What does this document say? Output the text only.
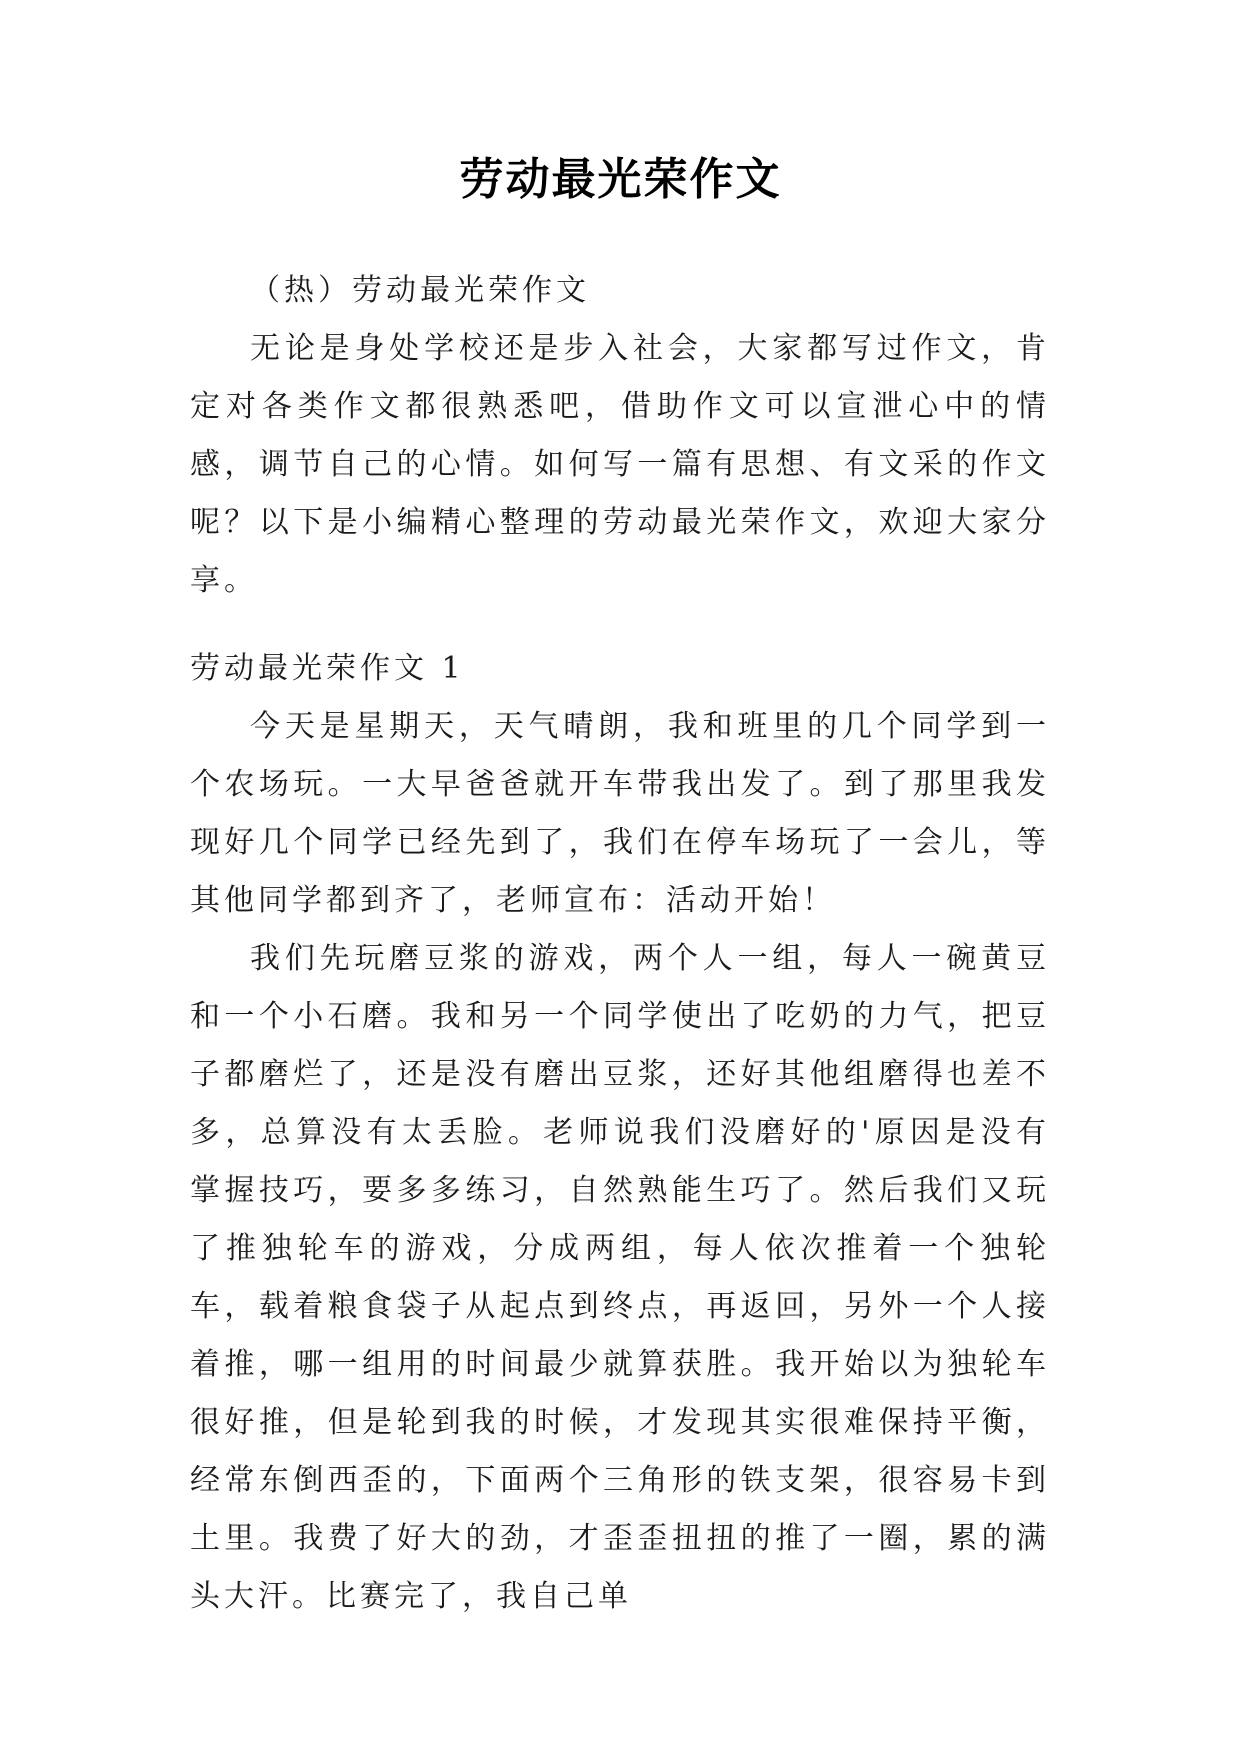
劳动最光荣作文

（热）劳动最光荣作文

无论是身处学校还是步入社会，大家都写过作文，肯定对各类作文都很熟悉吧，借助作文可以宣泄心中的情感，调节自己的心情。如何写一篇有思想、有文采的作文呢？以下是小编精心整理的劳动最光荣作文，欢迎大家分享。

劳动最光荣作文 1

今天是星期天，天气晴朗，我和班里的几个同学到一个农场玩。一大早爸爸就开车带我出发了。到了那里我发现好几个同学已经先到了，我们在停车场玩了一会儿，等其他同学都到齐了，老师宣布：活动开始！

我们先玩磨豆浆的游戏，两个人一组，每人一碗黄豆和一个小石磨。我和另一个同学使出了吃奶的力气，把豆子都磨烂了，还是没有磨出豆浆，还好其他组磨得也差不多，总算没有太丢脸。老师说我们没磨好的'原因是没有掌握技巧，要多多练习，自然熟能生巧了。然后我们又玩了推独轮车的游戏，分成两组，每人依次推着一个独轮车，载着粮食袋子从起点到终点，再返回，另外一个人接着推，哪一组用的时间最少就算获胜。我开始以为独轮车很好推，但是轮到我的时候，才发现其实很难保持平衡，经常东倒西歪的，下面两个三角形的铁支架，很容易卡到土里。我费了好大的劲，才歪歪扭扭的推了一圈，累的满头大汗。比赛完了，我自己单
